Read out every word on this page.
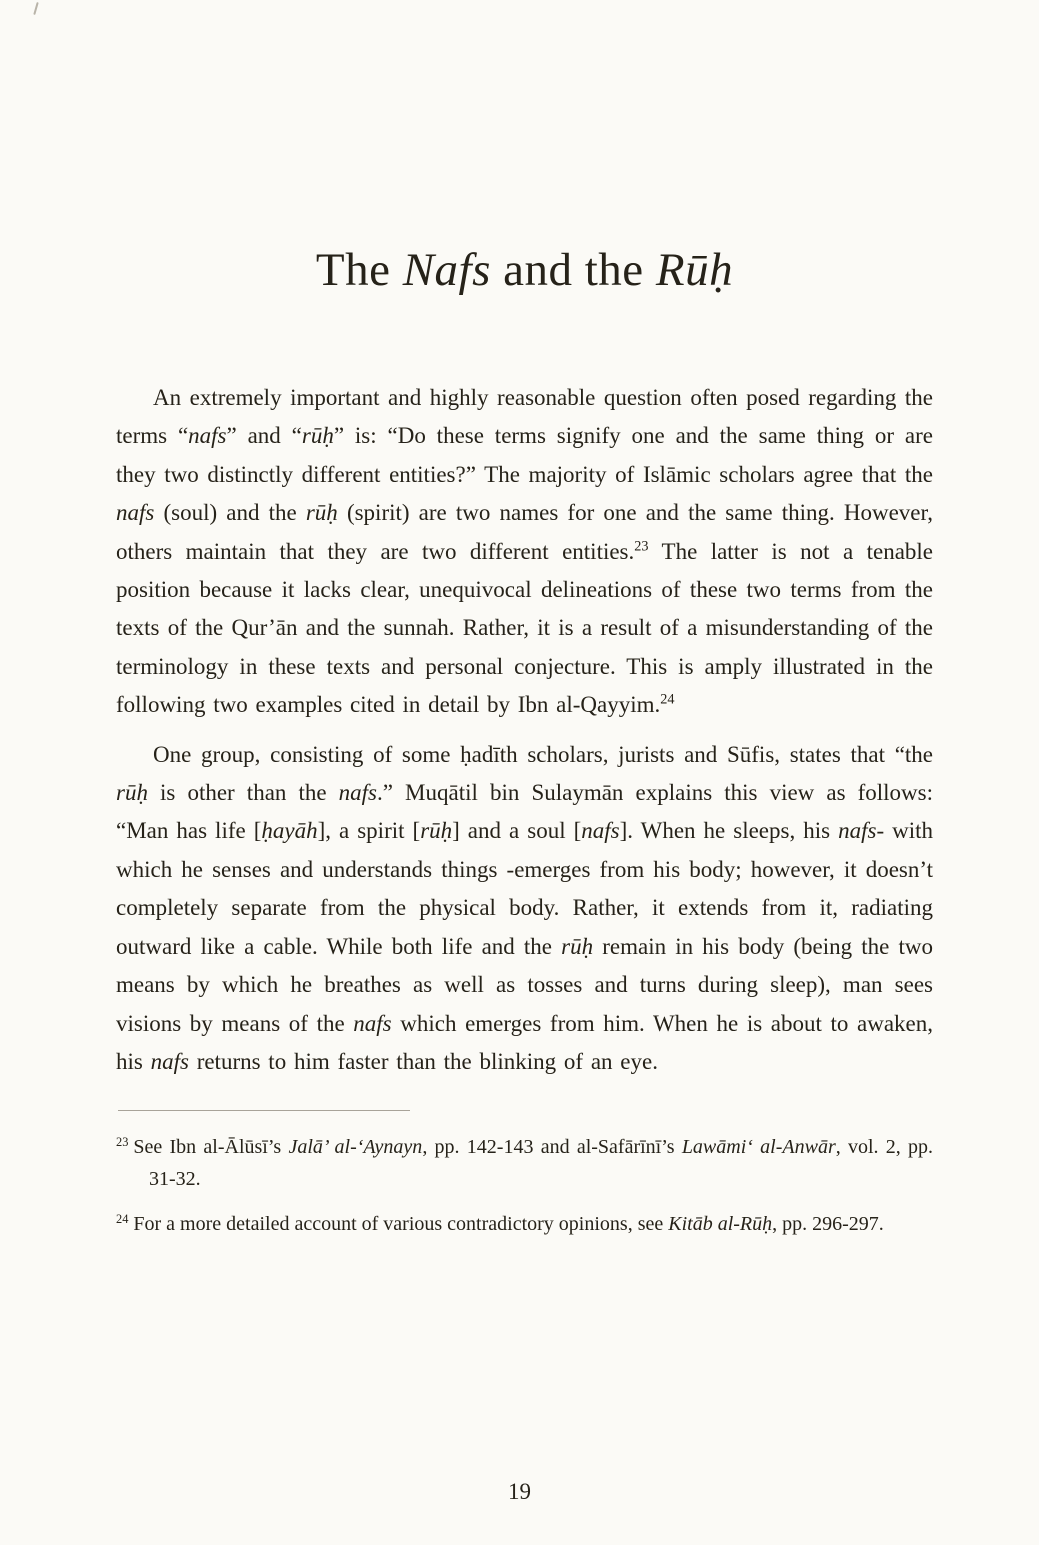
The Nafs and the Rūḥ

An extremely important and highly reasonable question often posed regarding the terms “nafs” and “rūḥ” is: “Do these terms signify one and the same thing or are they two distinctly different entities?” The majority of Islāmic scholars agree that the nafs (soul) and the rūḥ (spirit) are two names for one and the same thing. However, others maintain that they are two different entities.$^{23}$ The latter is not a tenable position because it lacks clear, unequivocal delineations of these two terms from the texts of the Qur’ān and the sunnah. Rather, it is a result of a misunderstanding of the terminology in these texts and personal conjecture. This is amply illustrated in the following two examples cited in detail by Ibn al-Qayyim.$^{24}$

One group, consisting of some ḥadīth scholars, jurists and Sūfis, states that “the rūḥ is other than the nafs.” Muqātil bin Sulaymān explains this view as follows: “Man has life [ḥayāh], a spirit [rūḥ] and a soul [nafs]. When he sleeps, his nafs- with which he senses and understands things -emerges from his body; however, it doesn’t completely separate from the physical body. Rather, it extends from it, radiating outward like a cable. While both life and the rūḥ remain in his body (being the two means by which he breathes as well as tosses and turns during sleep), man sees visions by means of the nafs which emerges from him. When he is about to awaken, his nafs returns to him faster than the blinking of an eye.

$^{23}$ See Ibn al-Ālūsī’s Jalā’ al-‘Aynayn, pp. 142-143 and al-Safārīnī’s Lawāmi‘ al-Anwār, vol. 2, pp. 31-32.

$^{24}$ For a more detailed account of various contradictory opinions, see Kitāb al-Rūḥ, pp. 296-297.

19
